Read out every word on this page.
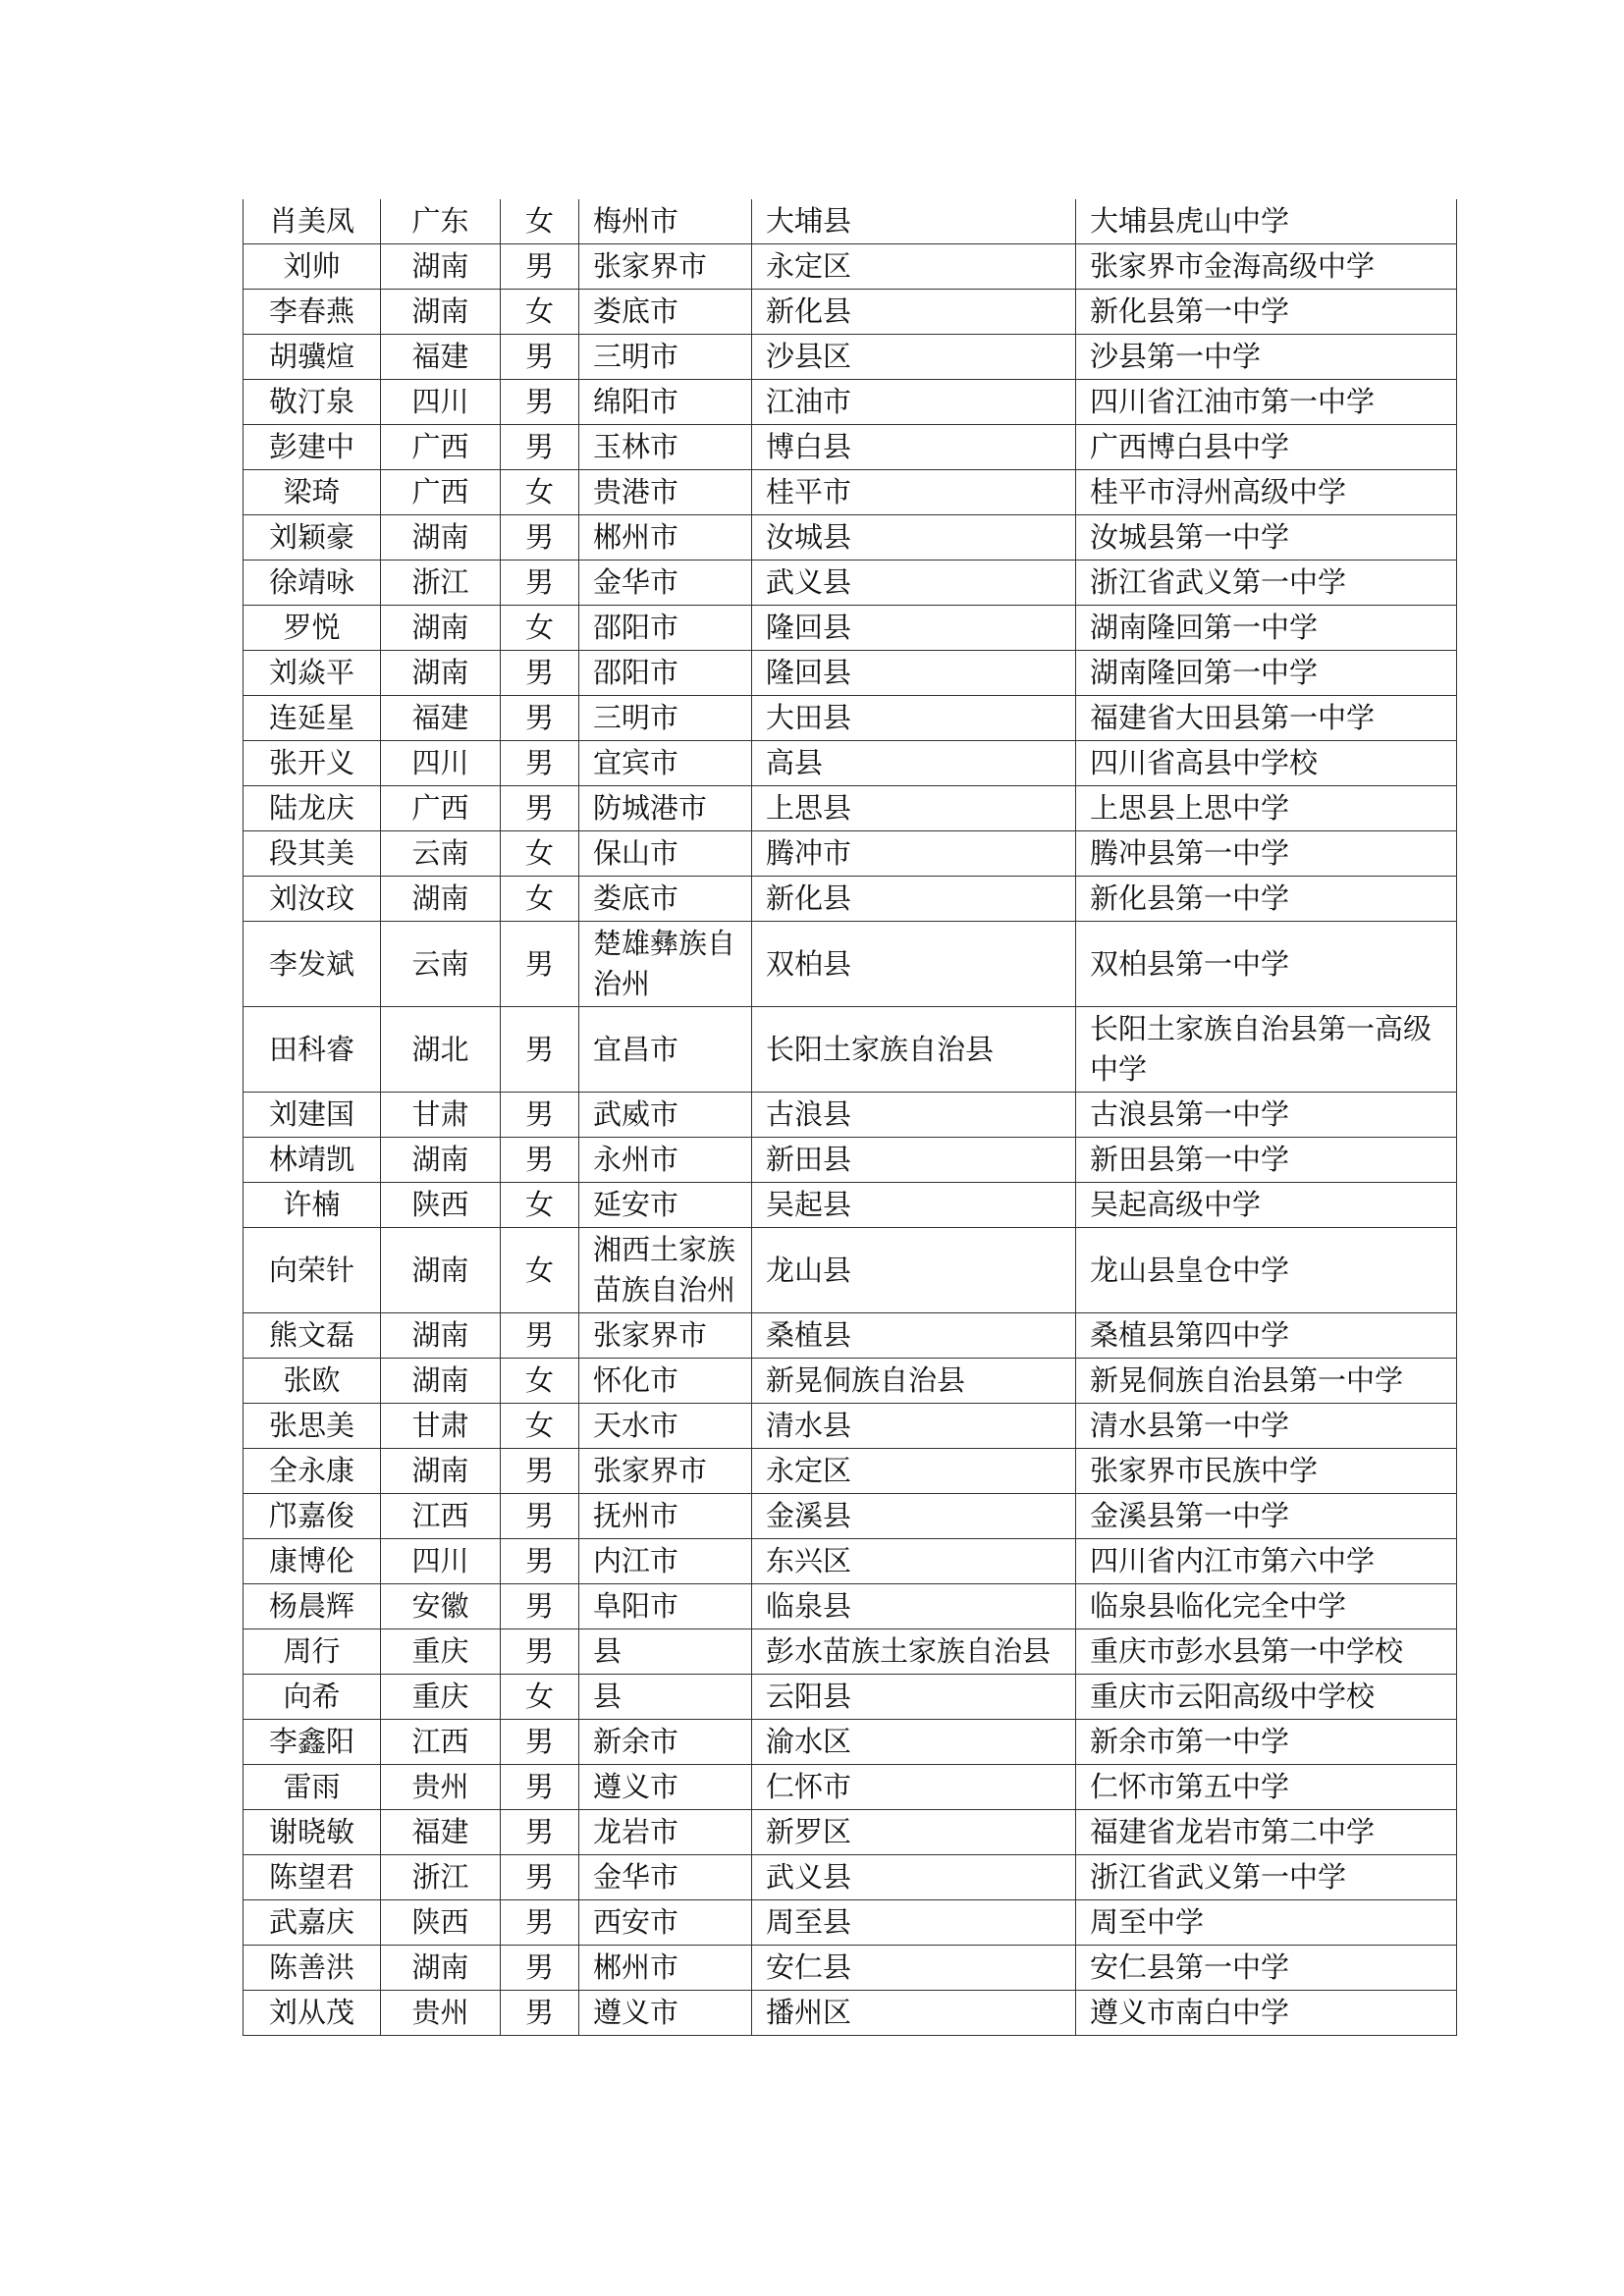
肖美凤	广东	女	梅州市	大埔县	大埔县虎山中学
刘帅	湖南	男	张家界市	永定区	张家界市金海高级中学
李春燕	湖南	女	娄底市	新化县	新化县第一中学
胡骥煊	福建	男	三明市	沙县区	沙县第一中学
敬汀泉	四川	男	绵阳市	江油市	四川省江油市第一中学
彭建中	广西	男	玉林市	博白县	广西博白县中学
梁琦	广西	女	贵港市	桂平市	桂平市浔州高级中学
刘颖豪	湖南	男	郴州市	汝城县	汝城县第一中学
徐靖咏	浙江	男	金华市	武义县	浙江省武义第一中学
罗悦	湖南	女	邵阳市	隆回县	湖南隆回第一中学
刘焱平	湖南	男	邵阳市	隆回县	湖南隆回第一中学
连延星	福建	男	三明市	大田县	福建省大田县第一中学
张开义	四川	男	宜宾市	高县	四川省高县中学校
陆龙庆	广西	男	防城港市	上思县	上思县上思中学
段其美	云南	女	保山市	腾冲市	腾冲县第一中学
刘汝玟	湖南	女	娄底市	新化县	新化县第一中学
李发斌	云南	男	楚雄彝族自治州	双柏县	双柏县第一中学
田科睿	湖北	男	宜昌市	长阳土家族自治县	长阳土家族自治县第一高级中学
刘建国	甘肃	男	武威市	古浪县	古浪县第一中学
林靖凯	湖南	男	永州市	新田县	新田县第一中学
许楠	陕西	女	延安市	吴起县	吴起高级中学
向荣针	湖南	女	湘西土家族苗族自治州	龙山县	龙山县皇仓中学
熊文磊	湖南	男	张家界市	桑植县	桑植县第四中学
张欧	湖南	女	怀化市	新晃侗族自治县	新晃侗族自治县第一中学
张思美	甘肃	女	天水市	清水县	清水县第一中学
全永康	湖南	男	张家界市	永定区	张家界市民族中学
邝嘉俊	江西	男	抚州市	金溪县	金溪县第一中学
康博伦	四川	男	内江市	东兴区	四川省内江市第六中学
杨晨辉	安徽	男	阜阳市	临泉县	临泉县临化完全中学
周行	重庆	男	县	彭水苗族土家族自治县	重庆市彭水县第一中学校
向希	重庆	女	县	云阳县	重庆市云阳高级中学校
李鑫阳	江西	男	新余市	渝水区	新余市第一中学
雷雨	贵州	男	遵义市	仁怀市	仁怀市第五中学
谢晓敏	福建	男	龙岩市	新罗区	福建省龙岩市第二中学
陈望君	浙江	男	金华市	武义县	浙江省武义第一中学
武嘉庆	陕西	男	西安市	周至县	周至中学
陈善洪	湖南	男	郴州市	安仁县	安仁县第一中学
刘从茂	贵州	男	遵义市	播州区	遵义市南白中学
